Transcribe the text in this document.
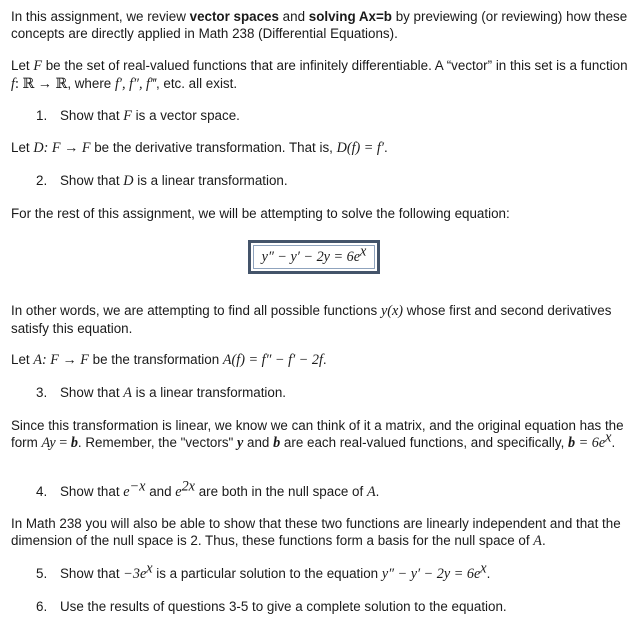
In this assignment, we review vector spaces and solving Ax=b by previewing (or reviewing) how these concepts are directly applied in Math 238 (Differential Equations).

Let F be the set of real-valued functions that are infinitely differentiable. A “vector” in this set is a function f: ℝ → ℝ, where f′, f″, f‴, etc. all exist.

1. Show that F is a vector space.

Let D: F → F be the derivative transformation. That is, D(f) = f′.

2. Show that D is a linear transformation.

For the rest of this assignment, we will be attempting to solve the following equation:

$y'' - y' - 2y = 6e^x$

In other words, we are attempting to find all possible functions y(x) whose first and second derivatives satisfy this equation.

Let A: F → F be the transformation A(f) = f″ − f′ − 2f.

3. Show that A is a linear transformation.

Since this transformation is linear, we know we can think of it a matrix, and the original equation has the form Ay = b. Remember, the "vectors" y and b are each real-valued functions, and specifically, $b = 6e^x$.

4. Show that $e^{-x}$ and $e^{2x}$ are both in the null space of A.

In Math 238 you will also be able to show that these two functions are linearly independent and that the dimension of the null space is 2. Thus, these functions form a basis for the null space of A.

5. Show that $-3e^x$ is a particular solution to the equation $y'' - y' - 2y = 6e^x$.

6. Use the results of questions 3-5 to give a complete solution to the equation.
